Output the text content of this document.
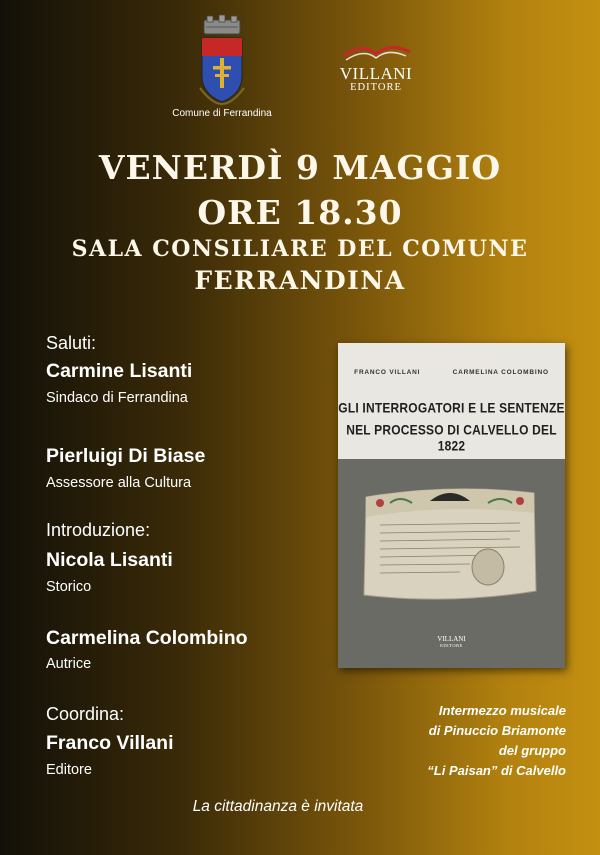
Comune di Ferrandina
VILLANI
EDITORE
VENERDÌ 9 MAGGIO
ORE 18.30
SALA CONSILIARE DEL COMUNE
FERRANDINA
Saluti:
Carmine Lisanti
Sindaco di Ferrandina
Pierluigi Di Biase
Assessore alla Cultura
Introduzione:
Nicola Lisanti
Storico
Carmelina Colombino
Autrice
Coordina:
Franco Villani
Editore
FRANCO VILLANI	CARMELINA COLOMBINO
GLI INTERROGATORI E LE SENTENZE
NEL PROCESSO DI CALVELLO DEL 1822
VILLANI
EDITORE
Intermezzo musicale
di Pinuccio Briamonte
del gruppo
“Li Paisan” di Calvello
La cittadinanza è invitata
